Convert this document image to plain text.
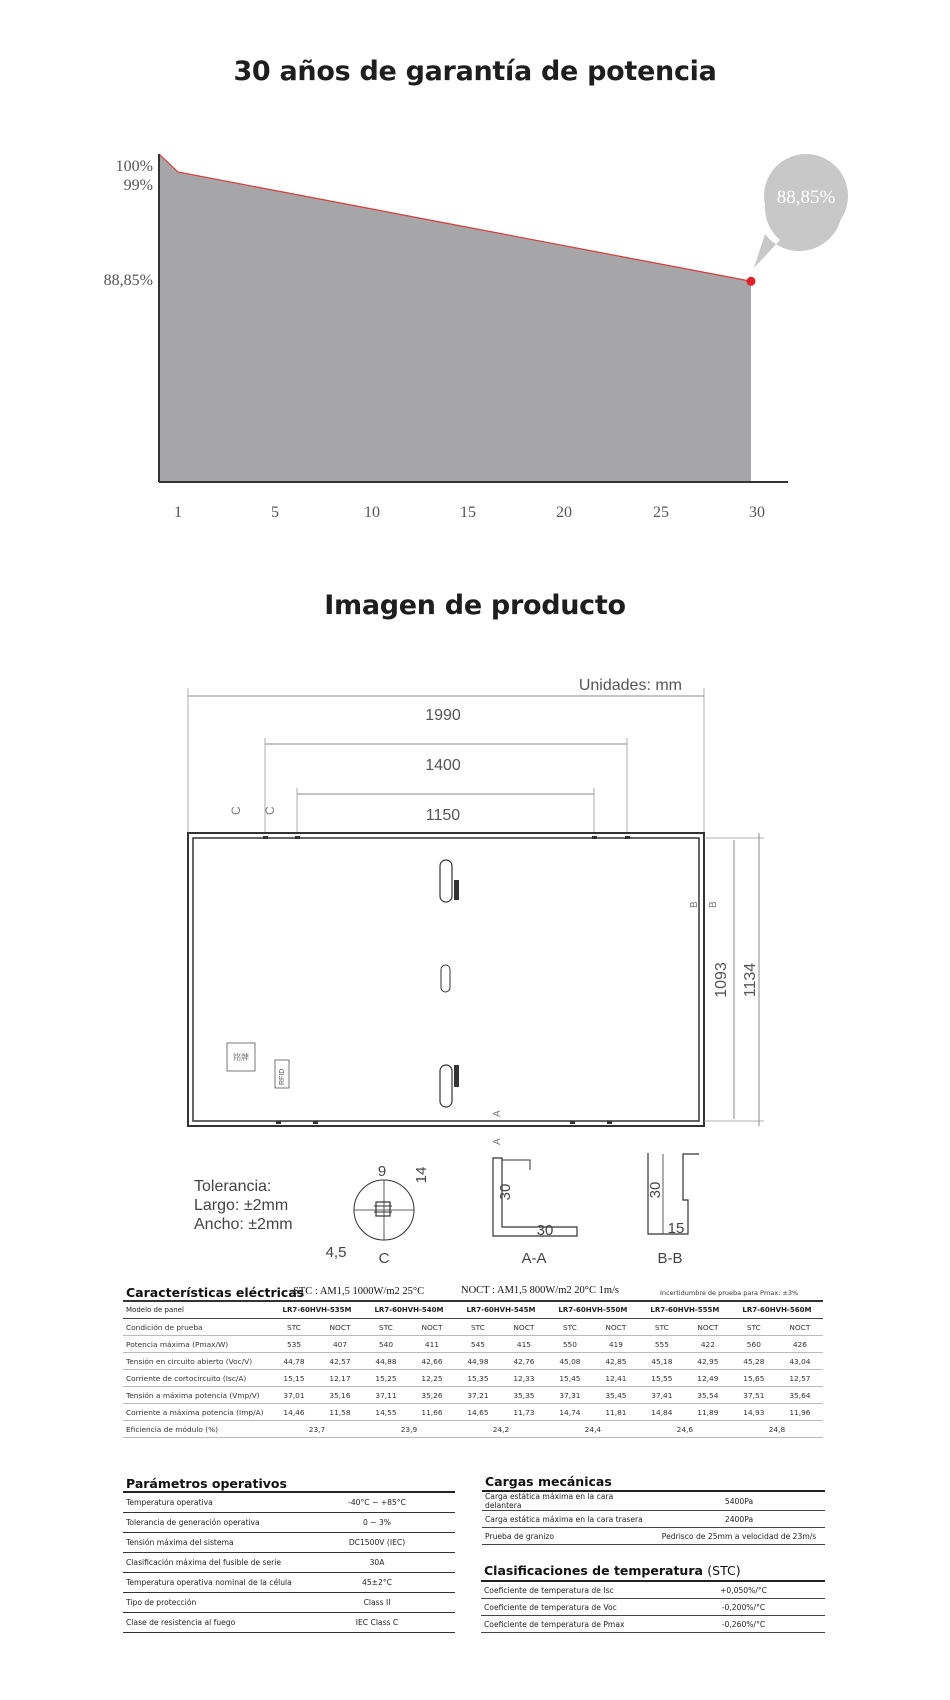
30 años de garantía de potencia
1	5	10	15	20	25	30
100%
99%
88,85%
88,85%
Imagen de producto
Unidades: mm
1990
1400
1150
C C
铭牌
RFID
B B
A
A
1093 1134
Tolerancia:
Largo: ±2mm
Ancho: ±2mm
9 14
4,5 C
30
30
A-A
30
15
B-B
Características eléctricas
STC : AM1,5 1000W/m2 25°C	NOCT : AM1,5 800W/m2 20°C 1m/s	Incertidumbre de prueba para Pmax: ±3%
Modelo de panel	LR7-60HVH-535M		LR7-60HVH-540M		LR7-60HVH-545M		LR7-60HVH-550M		LR7-60HVH-555M		LR7-60HVH-560M	
Condición de prueba	STC	NOCT	STC	NOCT	STC	NOCT	STC	NOCT	STC	NOCT	STC	NOCT
Potencia máxima (Pmax/W)	535	407	540	411	545	415	550	419	555	422	560	426
Tensión en circuito abierto (Voc/V)	44,78	42,57	44,88	42,66	44,98	42,76	45,08	42,85	45,18	42,95	45,28	43,04
Corriente de cortocircuito (Isc/A)	15,15	12,17	15,25	12,25	15,35	12,33	15,45	12,41	15,55	12,49	15,65	12,57
Tensión a máxima potencia (Vmp/V)	37,01	35,16	37,11	35,26	37,21	35,35	37,31	35,45	37,41	35,54	37,51	35,64
Corriente a máxima potencia (Imp/A)	14,46	11,58	14,55	11,66	14,65	11,73	14,74	11,81	14,84	11,89	14,93	11,96
Eficiencia de módulo (%)	23,7		23,9		24,2		24,4		24,6		24,8	
Parámetros operativos
Temperatura operativa	-40°C ~ +85°C
Tolerancia de generación operativa	0 ~ 3%
Tensión máxima del sistema	DC1500V (IEC)
Clasificación máxima del fusible de serie	30A
Temperatura operativa nominal de la célula	45±2°C
Tipo de protección	Class II
Clase de resistencia al fuego	IEC Class C
Cargas mecánicas
Carga estática máxima en la cara delantera	5400Pa
Carga estática máxima en la cara trasera	2400Pa
Prueba de granizo	Pedrisco de 25mm a velocidad de 23m/s
Clasificaciones de temperatura (STC)
Coeficiente de temperatura de Isc	+0,050%/°C
Coeficiente de temperatura de Voc	-0,200%/°C
Coeficiente de temperatura de Pmax	-0,260%/°C
